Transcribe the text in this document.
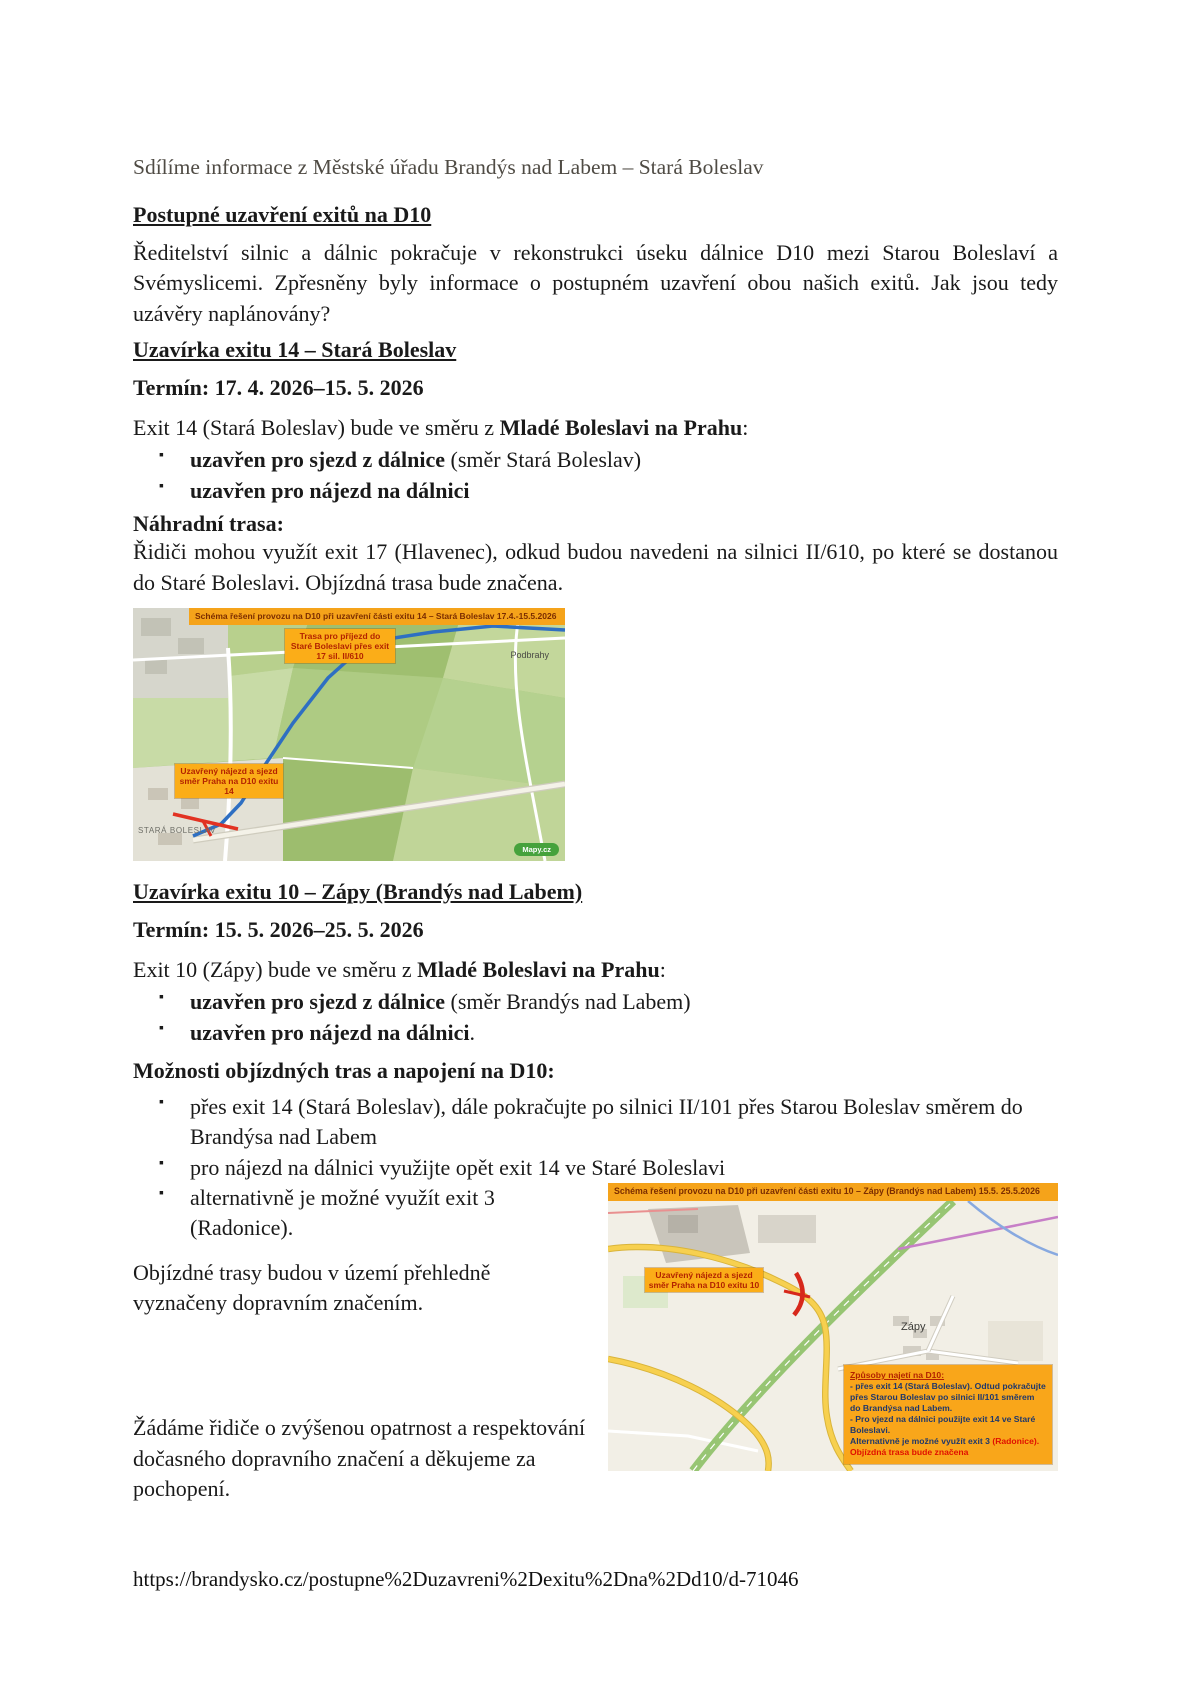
Sdílíme informace z Městské úřadu Brandýs nad Labem – Stará Boleslav
Postupné uzavření exitů na D10
Ředitelství silnic a dálnic pokračuje v rekonstrukci úseku dálnice D10 mezi Starou Boleslaví a Svémyslicemi. Zpřesněny byly informace o postupném uzavření obou našich exitů. Jak jsou tedy uzávěry naplánovány?
Uzavírka exitu 14 – Stará Boleslav
Termín: 17. 4. 2026–15. 5. 2026
Exit 14 (Stará Boleslav) bude ve směru z Mladé Boleslavi na Prahu:
▪ uzavřen pro sjezd z dálnice (směr Stará Boleslav)
▪ uzavřen pro nájezd na dálnici
Náhradní trasa:
Řidiči mohou využít exit 17 (Hlavenec), odkud budou navedeni na silnici II/610, po které se dostanou do Staré Boleslavi. Objízdná trasa bude značena.
Schéma řešení provozu na D10 při uzavření části exitu 14 – Stará Boleslav 17.4.-15.5.2026
Trasa pro příjezd do Staré Boleslavi přes exit 17 sil. II/610
Uzavřený nájezd a sjezd směr Praha na D10 exitu 14
STARÁ BOLESLAV
Podbrahy
Mapy.cz
Uzavírka exitu 10 – Zápy (Brandýs nad Labem)
Termín: 15. 5. 2026–25. 5. 2026
Exit 10 (Zápy) bude ve směru z Mladé Boleslavi na Prahu:
▪ uzavřen pro sjezd z dálnice (směr Brandýs nad Labem)
▪ uzavřen pro nájezd na dálnici.
Možnosti objízdných tras a napojení na D10:
▪ přes exit 14 (Stará Boleslav), dále pokračujte po silnici II/101 přes Starou Boleslav směrem do Brandýsa nad Labem
▪ pro nájezd na dálnici využijte opět exit 14 ve Staré Boleslavi
Schéma řešení provozu na D10 při uzavření části exitu 10 – Zápy (Brandýs nad Labem) 15.5. 25.5.2026
Uzavřený nájezd a sjezd směr Praha na D10 exitu 10
Zápy
Způsoby najetí na D10:
- přes exit 14 (Stará Boleslav). Odtud pokračujte přes Starou Boleslav po silnici II/101 směrem do Brandýsa nad Labem.
- Pro vjezd na dálnici použijte exit 14 ve Staré Boleslavi.
Alternativně je možné využít exit 3 (Radonice). Objízdná trasa bude značena
▪ alternativně je možné využít exit 3 (Radonice).
Objízdné trasy budou v území přehledně vyznačeny dopravním značením.
Žádáme řidiče o zvýšenou opatrnost a respektování dočasného dopravního značení a děkujeme za pochopení.
https://brandysko.cz/postupne%2Duzavreni%2Dexitu%2Dna%2Dd10/d-71046
